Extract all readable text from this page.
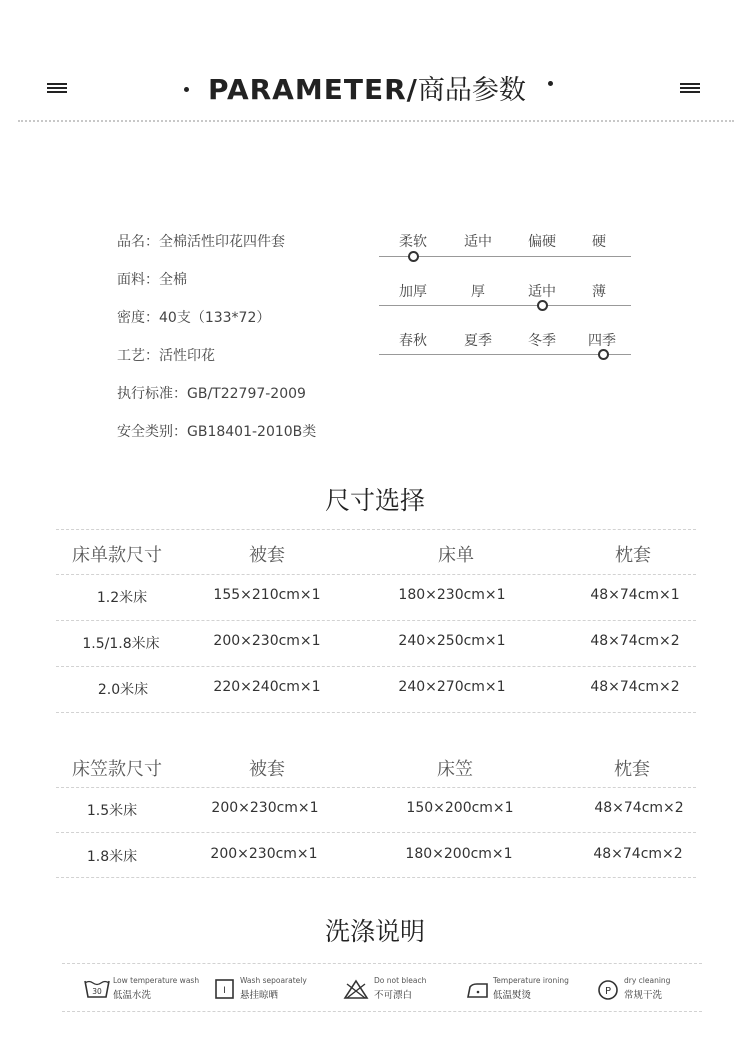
PARAMETER/商品参数
品名：全棉活性印花四件套
面料：全棉
密度：40支（133*72）
工艺：活性印花
执行标准：GB/T22797-2009
安全类别：GB18401-2010B类
柔软	适中	偏硬	硬
加厚	厚	适中	薄
春秋	夏季	冬季 四季
尺寸选择
床单款尺寸	被套	床单	枕套
1.2米床	155×210cm×1	180×230cm×1	48×74cm×1
1.5/1.8米床	200×230cm×1	240×250cm×1	48×74cm×2
2.0米床	220×240cm×1	240×270cm×1	48×74cm×2
床笠款尺寸	被套	床笠	枕套
1.5米床	200×230cm×1	150×200cm×1	48×74cm×2
1.8米床	200×230cm×1	180×200cm×1	48×74cm×2
洗涤说明
30
Low temperature wash
低温水洗	I
Wash sepoarately
悬挂晾晒
Do not bleach
不可漂白
Temperature ironing
低温熨烫	P
dry cleaning
常规干洗
